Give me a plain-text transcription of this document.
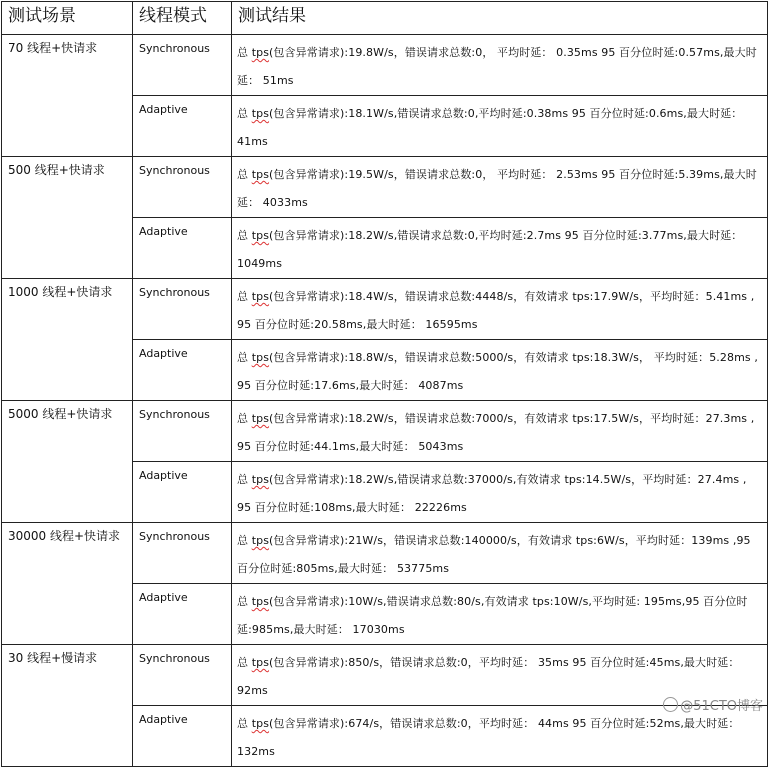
测试场景	线程模式	测试结果
70 线程+快请求	Synchronous	总 tps(包含异常请求):19.8W/s，错误请求总数:0， 平均时延： 0.35ms 95 百分位时延:0.57ms,最大时延： 51ms
	Adaptive	总 tps(包含异常请求):18.1W/s,错误请求总数:0,平均时延:0.38ms 95 百分位时延:0.6ms,最大时延： 41ms
500 线程+快请求	Synchronous	总 tps(包含异常请求):19.5W/s，错误请求总数:0， 平均时延： 2.53ms 95 百分位时延:5.39ms,最大时延： 4033ms
	Adaptive	总 tps(包含异常请求):18.2W/s,错误请求总数:0,平均时延:2.7ms 95 百分位时延:3.77ms,最大时延： 1049ms
1000 线程+快请求	Synchronous	总 tps(包含异常请求):18.4W/s，错误请求总数:4448/s，有效请求 tps:17.9W/s，平均时延：5.41ms , 95 百分位时延:20.58ms,最大时延： 16595ms
	Adaptive	总 tps(包含异常请求):18.8W/s，错误请求总数:5000/s，有效请求 tps:18.3W/s， 平均时延：5.28ms , 95 百分位时延:17.6ms,最大时延： 4087ms
5000 线程+快请求	Synchronous	总 tps(包含异常请求):18.2W/s，错误请求总数:7000/s，有效请求 tps:17.5W/s，平均时延：27.3ms , 95 百分位时延:44.1ms,最大时延： 5043ms
	Adaptive	总 tps(包含异常请求):18.2W/s,错误请求总数:37000/s,有效请求 tps:14.5W/s，平均时延：27.4ms , 95 百分位时延:108ms,最大时延： 22226ms
30000 线程+快请求	Synchronous	总 tps(包含异常请求):21W/s，错误请求总数:140000/s，有效请求 tps:6W/s，平均时延：139ms ,95 百分位时延:805ms,最大时延： 53775ms
	Adaptive	总 tps(包含异常请求):10W/s,错误请求总数:80/s,有效请求 tps:10W/s,平均时延: 195ms,95 百分位时延:985ms,最大时延： 17030ms
30 线程+慢请求	Synchronous	总 tps(包含异常请求):850/s，错误请求总数:0，平均时延： 35ms 95 百分位时延:45ms,最大时延： 92ms
	Adaptive	总 tps(包含异常请求):674/s，错误请求总数:0，平均时延： 44ms 95 百分位时延:52ms,最大时延： 132ms
@51CTO博客
